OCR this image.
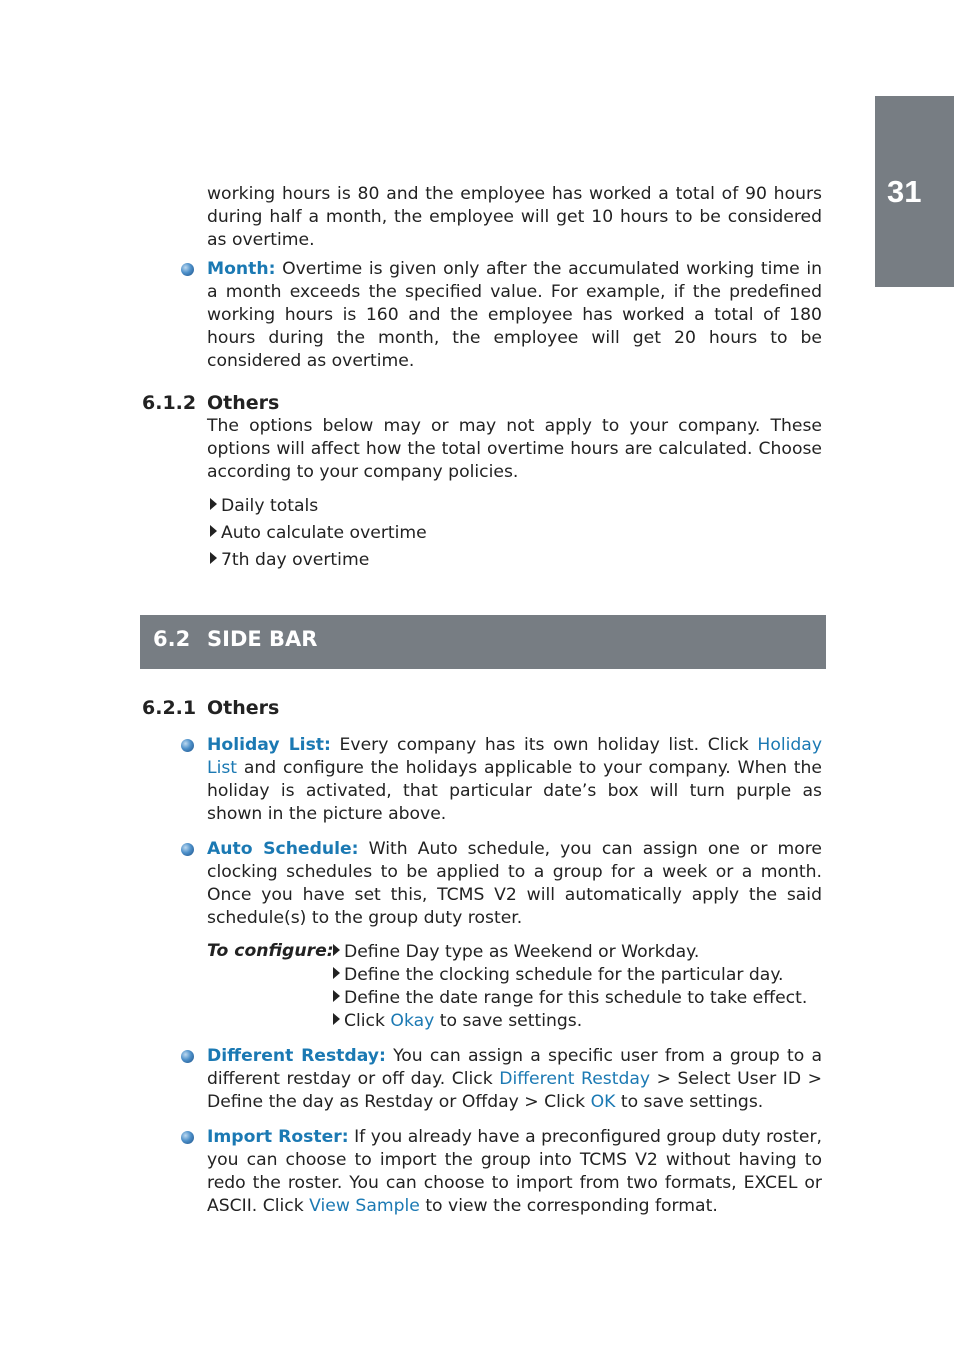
31

working hours is 80 and the employee has worked a total of 90 hours during half a month, the employee will get 10 hours to be considered as overtime.

Month: Overtime is given only after the accumulated working time in a month exceeds the specified value. For example, if the predefined working hours is 160 and the employee has worked a total of 180 hours during the month, the employee will get 20 hours to be considered as overtime.

6.1.2 Others

The options below may or may not apply to your company. These options will affect how the total overtime hours are calculated. Choose according to your company policies.

Daily totals
Auto calculate overtime
7th day overtime
6.2 SIDE BAR
6.2.1 Others

Holiday List: Every company has its own holiday list. Click Holiday List and configure the holidays applicable to your company. When the holiday is activated, that particular date’s box will turn purple as shown in the picture above.

Auto Schedule: With Auto schedule, you can assign one or more clocking schedules to be applied to a group for a week or a month. Once you have set this, TCMS V2 will automatically apply the said schedule(s) to the group duty roster.

To configure: Define Day type as Weekend or Workday.
Define the clocking schedule for the particular day.
Define the date range for this schedule to take effect.
Click Okay to save settings.

Different Restday: You can assign a specific user from a group to a different restday or off day. Click Different Restday > Select User ID > Define the day as Restday or Offday > Click OK to save settings.

Import Roster: If you already have a preconfigured group duty roster, you can choose to import the group into TCMS V2 without having to redo the roster. You can choose to import from two formats, EXCEL or ASCII. Click View Sample to view the corresponding format.
